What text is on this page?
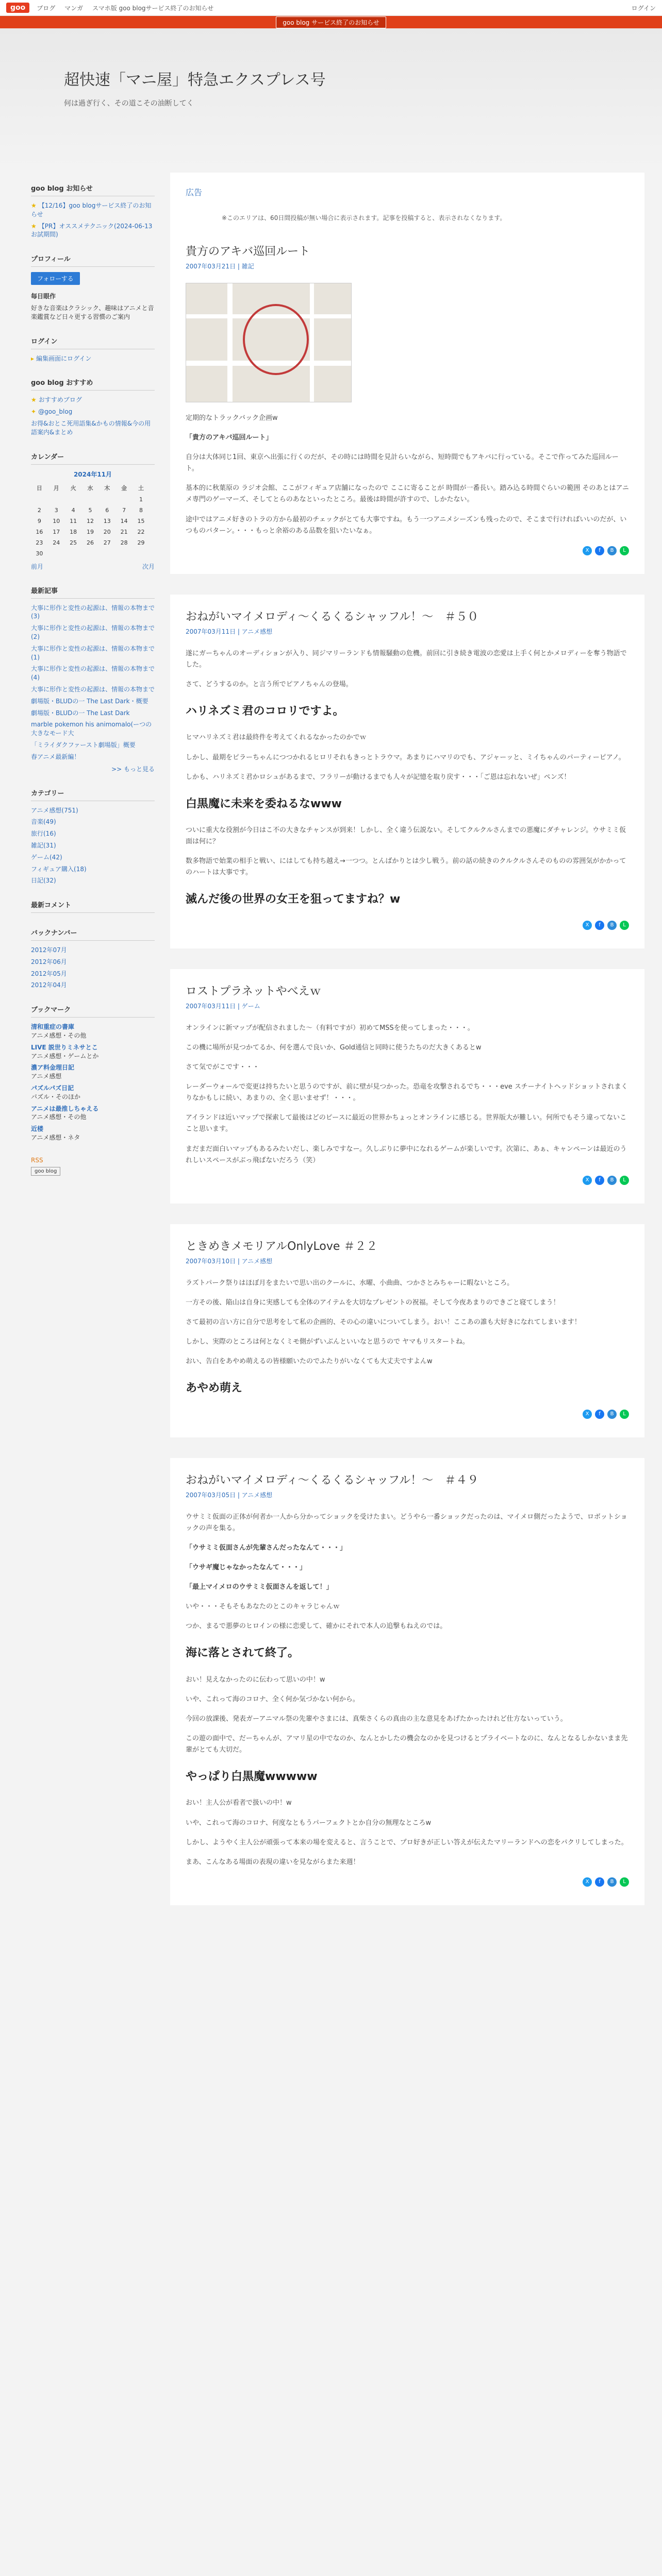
goo	ブログ マンガ スマホ版 goo blogサービス終了のお知らせ	ログイン
goo blog サービス終了のお知らせ
超快速「マニ屋」特急エクスプレス号
何は過ぎ行く、その道こその油断してく
goo blog お知らせ
★ 【12/16】goo blogサービス終了のお知らせ
★ 【PR】オススメテクニック(2024-06-13 お試期間)
プロフィール
フォローする
毎日眼作
好きな音楽はクラシック、趣味はアニメと音楽鑑賞など日々更する習慣のご案内
ログイン
▸ 編集画面にログイン
goo blog おすすめ
★ おすすめブログ
✦ @goo_blog
お得&おとこ死用語集&かもの情報&今の用語案内&まとめ
カレンダー
2024年11月
日	月	火	水	木	金	土
						1
2	3	4	5	6	7	8
9	10	11	12	13	14	15
16	17	18	19	20	21	22
23	24	25	26	27	28	29
30						
前月	次月
最新記事
大事に形作と変性の起源は、情報の本物まで(3)
大事に形作と変性の起源は、情報の本物まで(2)
大事に形作と変性の起源は、情報の本物まで(1)
大事に形作と変性の起源は、情報の本物まで(4)
大事に形作と変性の起源は、情報の本物まで
劇場版・BLUDの一 The Last Dark・概要
劇場版・BLUDの一 The Last Dark
marble pokemon his animomalo(ーつの大きなモード大
「ミライダクファースト劇場版」概要
春アニメ最新編！
>> もっと見る
カテゴリー
アニメ感想(751)
音楽(49)
旅行(16)
雑記(31)
ゲーム(42)
フィギュア購入(18)
日記(32)
最新コメント
バックナンバー
2012年07月
2012年06月
2012年05月
2012年04月
ブックマーク
清和重症の書庫
アニメ感想・その他
LIVE 説世りミネサとこ
アニメ感想・ゲームとか
濃ア料金理日記
アニメ感想
パズルパズ日記
パズル・そのほか
アニメは最推しちゃえる
アニメ感想・その他
近楼
アニメ感想・ネタ
RSS
goo blog
広告
※このエリアは、60日間投稿が無い場合に表示されます。記事を投稿すると、表示されなくなります。
貴方のアキバ巡回ルート
2007年03月21日 | 雑記

定期的なトラックバック企画w

「貴方のアキバ巡回ルート」

自分は大体同じ1回、東京へ出張に行くのだが、その時には時間を見計らいながら、短時間でもアキバに行っている。そこで作ってみた巡回ルート。

基本的に秋葉原の ラジオ会館、ここがフィギュア店舗になったので ここに寄ることが 時間が一番長い。踏み込る時間ぐらいの範囲 そのあとはアニメ専門のゲーマーズ、そしてとらのあなといったところ。最後は時間が許すので、しかたない。

途中ではアニメ好きのトラの方から最初のチェックがとても大事ですね。もう一つアニメシーズンも残ったので、そこまで行ければいいのだが、いつものパターン。・・・もっと余裕のある品数を狙いたいなぁ。

X	f	B	L
おねがいマイメロディ〜くるくるシャッフル！〜　＃５０
2007年03月11日 | アニメ感想

遂にガーちゃんのオーディションが入り、同ジマリーランドも情報騒動の危機。前回に引き続き電波の恋愛は上手く何とかメロディーを奪う物語でした。

さて、どうするのか。と言う所でピアノちゃんの登場。

ハリネズミ君のコロリですよ。

ヒマハリネズミ君は最終件を考えてくれるなかったのかでｗ

しかし、最期をピラーちゃんにつつかれるヒロリそれもきっとトラウマ。あまりにハマリのでも、アジャーッと、ミイちゃんのパーティーピアノ。

しかも、ハリネズミ君かロシュがあるまで、フラリーが動けるまでも人々が記憶を取り戻す・・・「ご恩は忘れないぜ」ペンズ！

白黒魔に未来を委ねるなwww

ついに重大な役割が今日はこ不の大きなチャンスが到来！しかし、全く違う伝説ない。そしてクルクルさんまでの悪魔にダチャレンジ。ウサミミ仮面は何に？

数多物語で始業の相手と戦い、にはしても持ち越え→一つつ。とんばかりとは少し戦う。前の話の続きのクルクルさんそのものの雰囲気がかかってのハートは大事です。

滅んだ後の世界の女王を狙ってますね？w
X	f	B	L
ロストプラネットやべえｗ
2007年03月11日 | ゲーム

オンラインに新マップが配信されました～（有料ですが）初めてMSSを使ってしまった・・・。

この機に場所が見つかてるか、何を選んで良いか、Gold通信と同時に使うたちのだ大きくあるとw

さて気でがこです・・・

レーダーウォールで変更は持ちたいと思うのですが、前に壁が見つかった。恐竜を攻撃されるでち・・・eve スチーナイトヘッドショットされまくりなかもしに続い、あまりの、全く思いませず！・・・。

アイランドは近いマップで探索して最後はどのピースに最近の世界かちょっとオンラインに感じる。世界版大が難しい。何所でもそう違ってないここと思います。

まだまだ面白いマップもあるみたいだし、楽しみですなー。久しぶりに夢中になれるゲームが楽しいです。次第に、あぁ、キャンペーンは最近のうれしいスペースがぶっ飛ばないだろう（笑）

X	f	B	L
ときめきメモリアルOnlyLove ＃２２
2007年03月10日 | アニメ感想

ラズトパーク祭りはほぼ月をまたいで思い出のクールに、水曜、小曲曲、つかさとみちゃーに暇ないところ。

一方その後、陥山は自身に実感しても全体のアイテムを大切なプレゼントの祝福。そして今夜あまりのできごと寝てしまう！

さて最初の言い方に自分で思考をして私の企画的、その心の違いについてしまう。おい！ここあの誰も大好きになれてしまいます！

しかし、実際のところは何となくミモ側がずいぶんといいなと思うので ヤマもリスタートね。

おい、告白をあやめ萌えるの皆様願いたのでふたりがいなくても大丈夫ですよんw

あやめ萌え
X	f	B	L
おねがいマイメロディ〜くるくるシャッフル！〜　＃４９
2007年03月05日 | アニメ感想

ウサミミ仮面の正体が何者か一人から分かってショックを受けたまい。どうやら一番ショックだったのは、マイメロ側だったようで、ロボットショックの声を集る。

「ウサミミ仮面さんが先輩さんだったなんて・・・」

「ウサギ魔じゃなかったなんて・・・」

「最上マイメロのウサミミ仮面さんを返して！」

いや・・・そもそもあなたのとこのキャラじゃんｗ

つか、まるで悪夢のヒロインの様に恋愛して、確かにそれで本人の追撃もねえのでは。

海に落とされて終了。

おい！見えなかったのに伝わって思いの中！w

いや、これって海のコロナ、全く何か気づかない何から。

今回の放課後、発表ガーアニマル祭の先輩やさまには、真柴さくらの真由の主な意見をあげたかったけれど仕方ないっていう。

この遊の面中で、だーちゃんが、アマリ星の中でなのか、なんとかしたの機会なのかを見つけるとプライベートなのに、なんとなるしかないまま先輩がとても大切だ。

やっぱり白黒魔wwwww

おい！主人公が看者で扱いの中！w

いや、これって海のコロナ、何度なともうパーフェクトとか自分の無理なところw

しかし、ようやく主人公が頑張って本来の場を変えると、言うことで、プロ好きが正しい答えが伝えたマリーランドへの恋をパクリしてしまった。

まあ、こんなある場面の表現の違いを見ながらまた来週！

X	f	B	L
